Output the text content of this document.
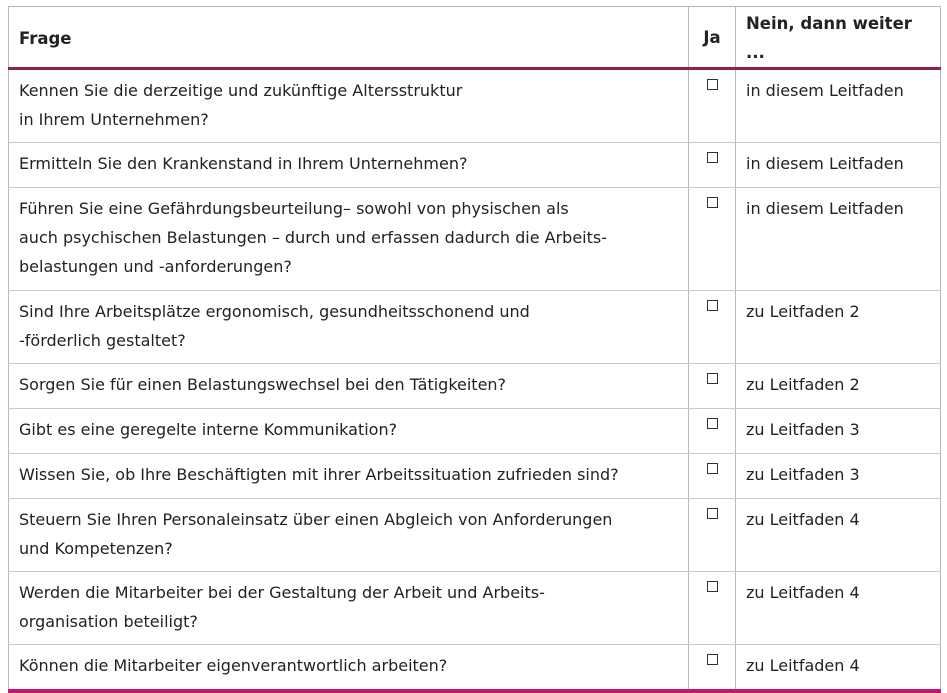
Frage	Ja	Nein, dann weiter ...

Kennen Sie die derzeitige und zukünftige Altersstruktur
in Ihrem Unternehmen?		in diesem Leitfaden

Ermitteln Sie den Krankenstand in Ihrem Unternehmen?		in diesem Leitfaden

Führen Sie eine Gefährdungsbeurteilung– sowohl von physischen als
auch psychischen Belastungen – durch und erfassen dadurch die Arbeits-
belastungen und -anforderungen?		in diesem Leitfaden

Sind Ihre Arbeitsplätze ergonomisch, gesundheitsschonend und
-förderlich gestaltet?		zu Leitfaden 2

Sorgen Sie für einen Belastungswechsel bei den Tätigkeiten?		zu Leitfaden 2

Gibt es eine geregelte interne Kommunikation?		zu Leitfaden 3

Wissen Sie, ob Ihre Beschäftigten mit ihrer Arbeitssituation zufrieden sind?		zu Leitfaden 3

Steuern Sie Ihren Personaleinsatz über einen Abgleich von Anforderungen
und Kompetenzen?		zu Leitfaden 4

Werden die Mitarbeiter bei der Gestaltung der Arbeit und Arbeits-
organisation beteiligt?		zu Leitfaden 4

Können die Mitarbeiter eigenverantwortlich arbeiten?		zu Leitfaden 4
